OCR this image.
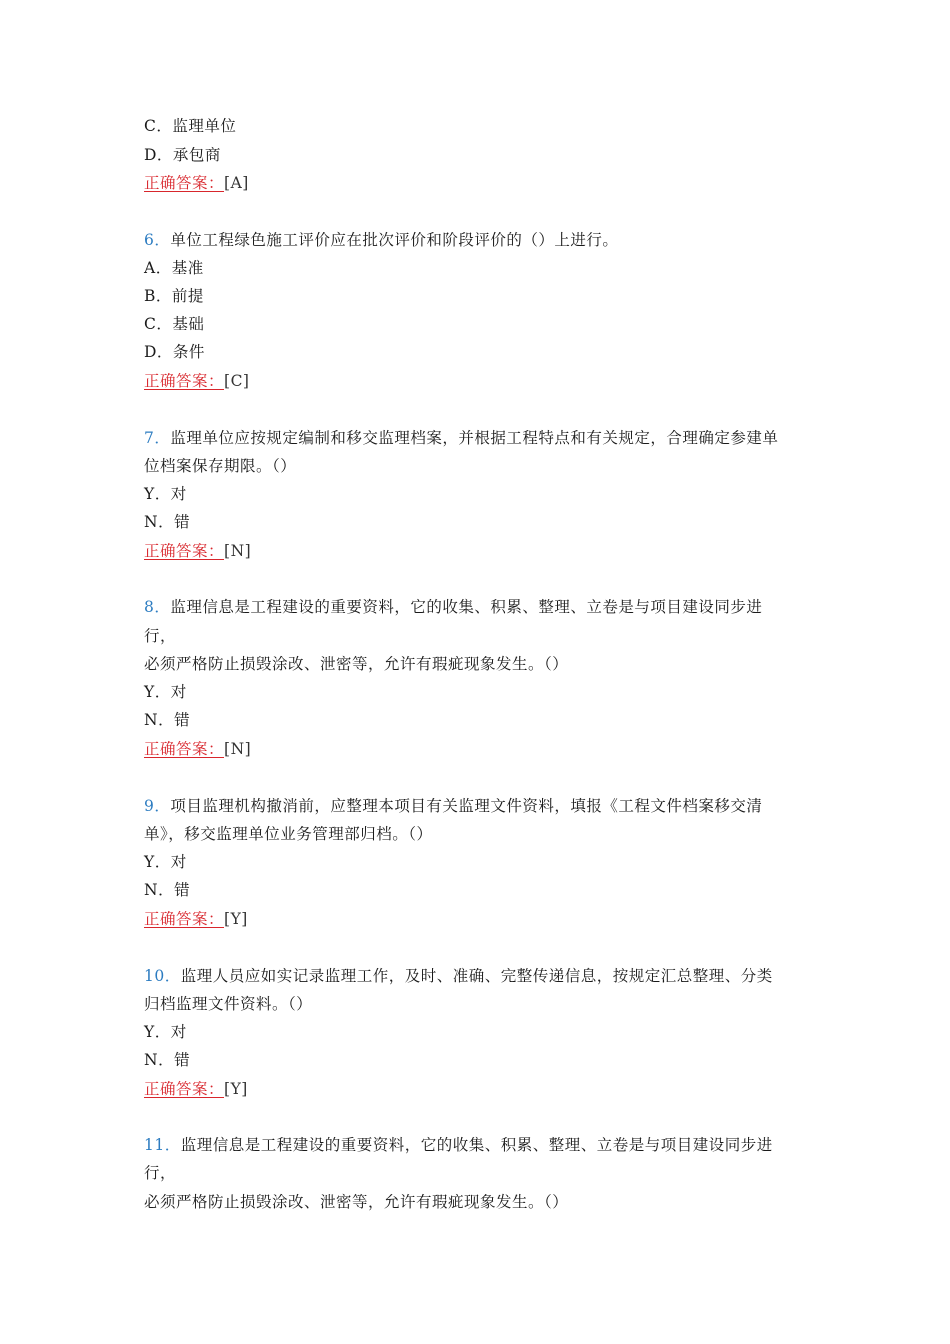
C．监理单位
D．承包商
正确答案：[A]
6．单位工程绿色施工评价应在批次评价和阶段评价的（）上进行。
A．基准
B．前提
C．基础
D．条件
正确答案：[C]
7．监理单位应按规定编制和移交监理档案，并根据工程特点和有关规定，合理确定参建单
位档案保存期限。（）
Y．对
N．错
正确答案：[N]
8．监理信息是工程建设的重要资料，它的收集、积累、整理、立卷是与项目建设同步进
行，
必须严格防止损毁涂改、泄密等，允许有瑕疵现象发生。（）
Y．对
N．错
正确答案：[N]
9．项目监理机构撤消前，应整理本项目有关监理文件资料，填报《工程文件档案移交清
单》，移交监理单位业务管理部归档。（）
Y．对
N．错
正确答案：[Y]
10．监理人员应如实记录监理工作，及时、准确、完整传递信息，按规定汇总整理、分类
归档监理文件资料。（）
Y．对
N．错
正确答案：[Y]
11．监理信息是工程建设的重要资料，它的收集、积累、整理、立卷是与项目建设同步进
行，
必须严格防止损毁涂改、泄密等，允许有瑕疵现象发生。（）
